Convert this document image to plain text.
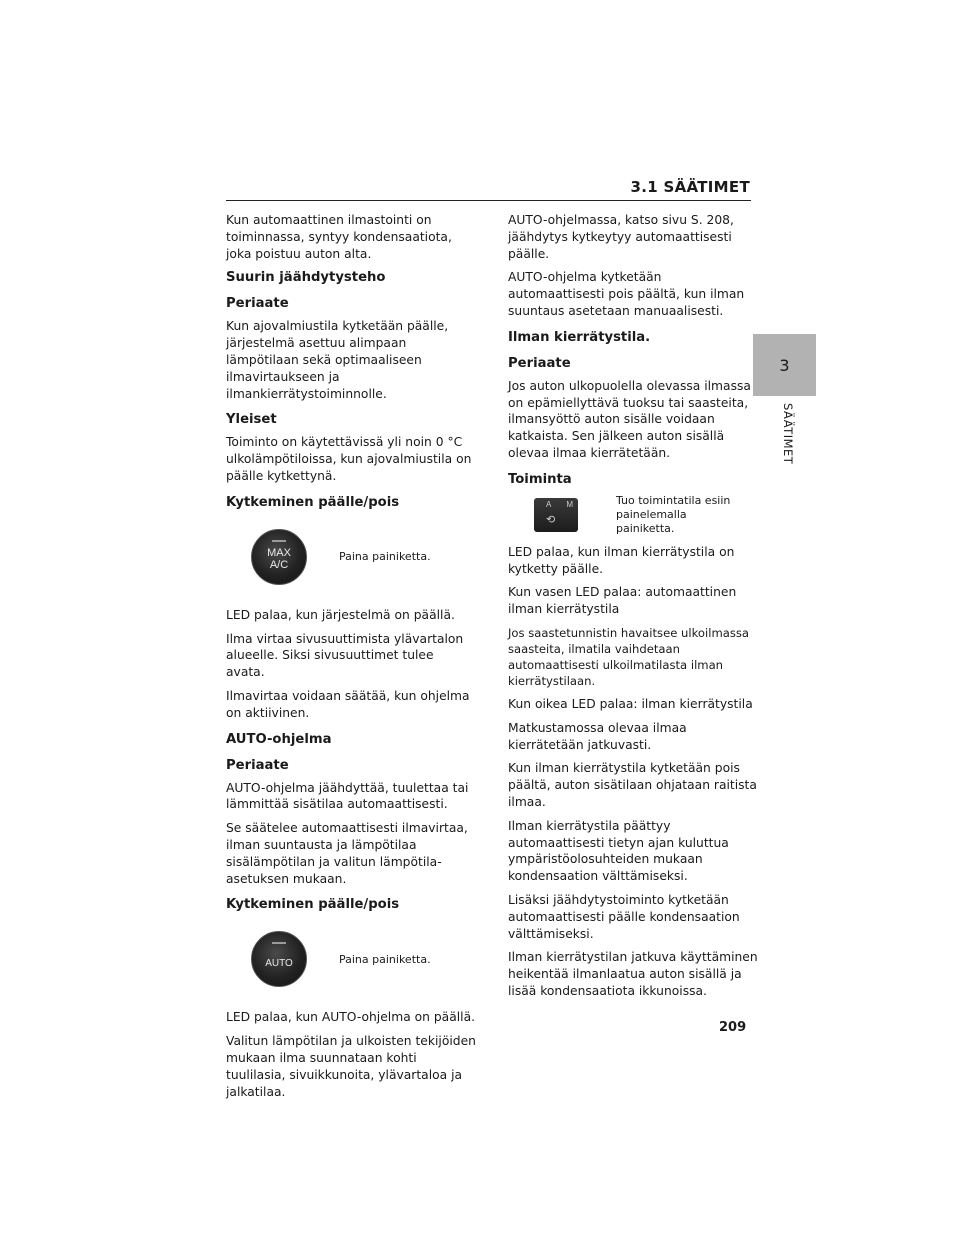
3.1 SÄÄTIMET
3
SÄÄTIMET

Kun automaattinen ilmastointi on toiminnassa, syntyy kondensaatiota, joka poistuu auton alta.

Suurin jäähdytysteho
Periaate

Kun ajovalmiustila kytketään päälle, järjestelmä asettuu alimpaan lämpötilaan sekä optimaaliseen ilmavirtaukseen ja ilmankierrätystoiminnolle.

Yleiset

Toiminto on käytettävissä yli noin 0 °C ulkolämpötiloissa, kun ajovalmiustila on päälle kytkettynä.

Kytkeminen päälle/pois
MAX
A/C
Paina painiketta.

LED palaa, kun järjestelmä on päällä.

Ilma virtaa sivusuuttimista ylävartalon alueelle. Siksi sivusuuttimet tulee avata.

Ilmavirtaa voidaan säätää, kun ohjelma on aktiivinen.

AUTO-ohjelma
Periaate

AUTO-ohjelma jäähdyttää, tuulettaa tai lämmittää sisätilaa automaattisesti.

Se säätelee automaattisesti ilmavirtaa, ilman suuntausta ja lämpötilaa sisälämpötilan ja valitun lämpötila-asetuksen mukaan.

Kytkeminen päälle/pois
AUTO	Paina painiketta.

LED palaa, kun AUTO-ohjelma on päällä.

Valitun lämpötilan ja ulkoisten tekijöiden mukaan ilma suunnataan kohti tuulilasia, sivuikkunoita, ylävartaloa ja jalkatilaa.

AUTO-ohjelmassa, katso sivu S. 208, jäähdytys kytkeytyy automaattisesti päälle.

AUTO-ohjelma kytketään automaattisesti pois päältä, kun ilman suuntaus asetetaan manuaalisesti.

Ilman kierrätystila.
Periaate

Jos auton ulkopuolella olevassa ilmassa on epämiellyttävä tuoksu tai saasteita, ilmansyöttö auton sisälle voidaan katkaista. Sen jälkeen auton sisällä olevaa ilmaa kierrätetään.

Toiminta
A M
⟲
Tuo toimintatila esiin painelemalla painiketta.

LED palaa, kun ilman kierrätystila on kytketty päälle.

Kun vasen LED palaa: automaattinen ilman kierrätystila

Jos saastetunnistin havaitsee ulkoilmassa saasteita, ilmatila vaihdetaan automaattisesti ulkoilmatilasta ilman kierrätystilaan.

Kun oikea LED palaa: ilman kierrätystila

Matkustamossa olevaa ilmaa kierrätetään jatkuvasti.

Kun ilman kierrätystila kytketään pois päältä, auton sisätilaan ohjataan raitista ilmaa.

Ilman kierrätystila päättyy automaattisesti tietyn ajan kuluttua ympäristöolosuhteiden mukaan kondensaation välttämiseksi.

Lisäksi jäähdytystoiminto kytketään automaattisesti päälle kondensaation välttämiseksi.

Ilman kierrätystilan jatkuva käyttäminen heikentää ilmanlaatua auton sisällä ja lisää kondensaatiota ikkunoissa.

209
